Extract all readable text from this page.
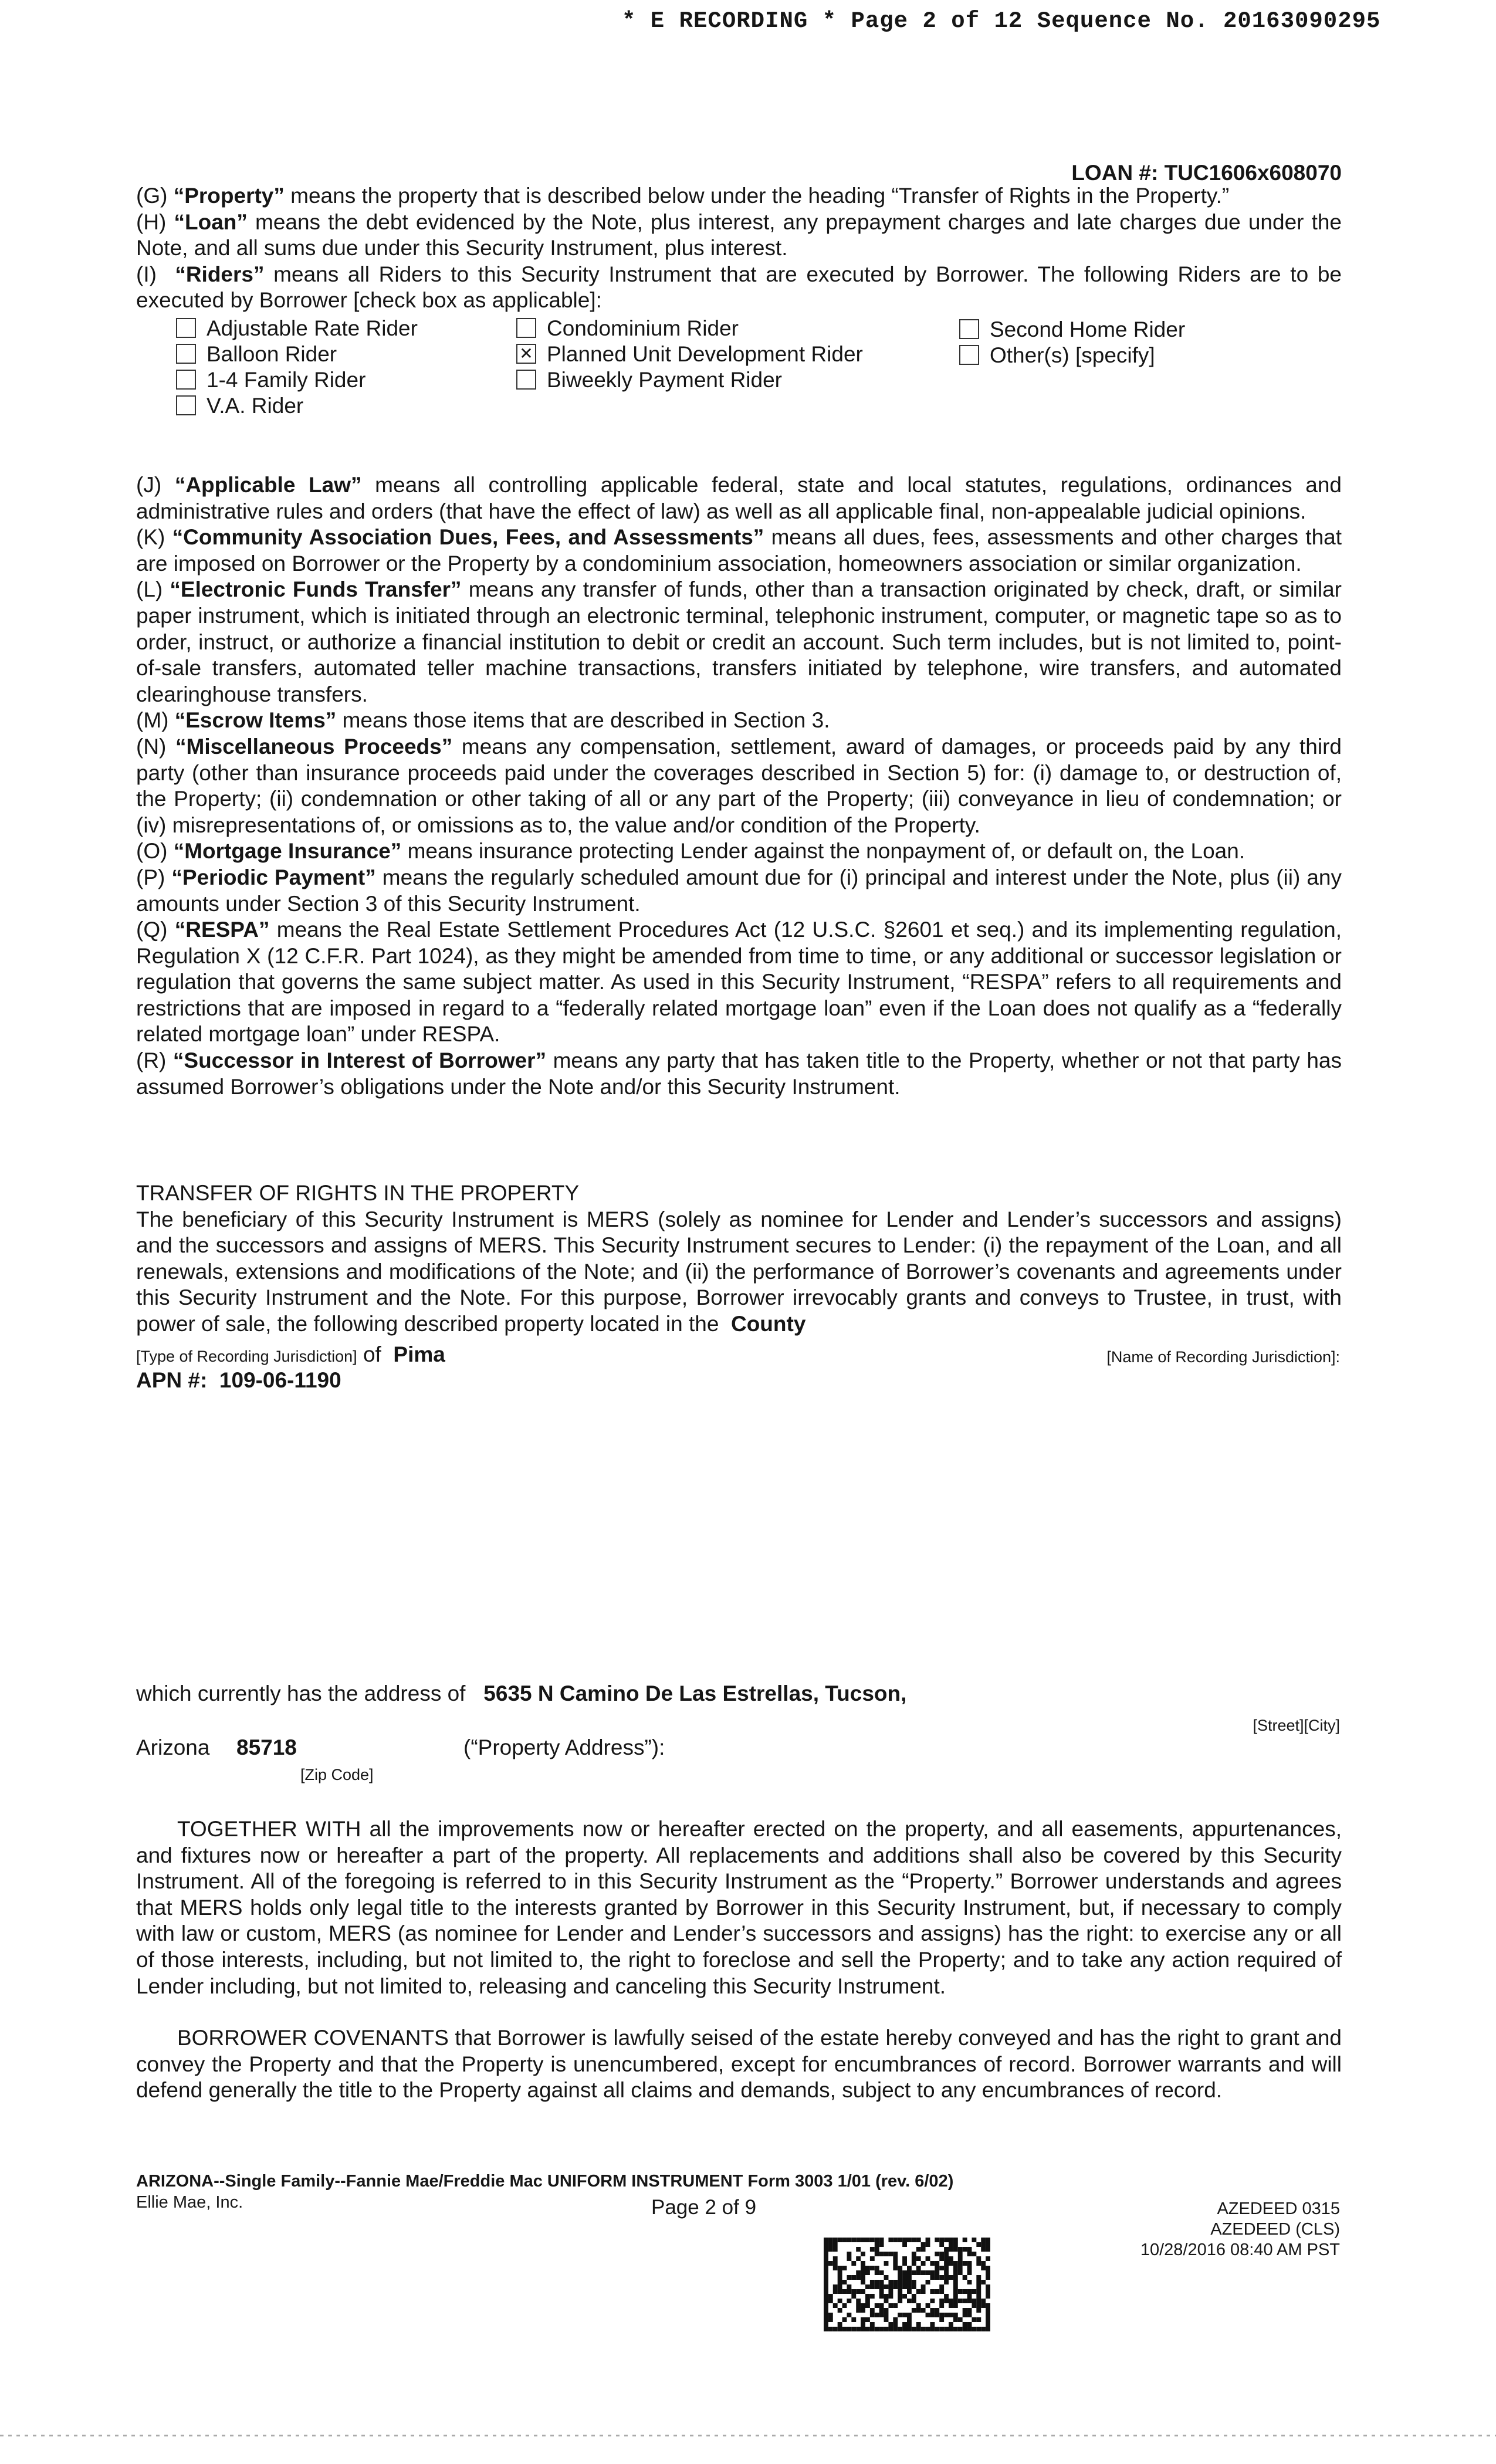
* E RECORDING * Page 2 of 12 Sequence No. 20163090295
LOAN #: TUC1606x608070

(G) “Property” means the property that is described below under the heading “Transfer of Rights in the Property.”

(H) “Loan” means the debt evidenced by the Note, plus interest, any prepayment charges and late charges due under the Note, and all sums due under this Security Instrument, plus interest.

(I) “Riders” means all Riders to this Security Instrument that are executed by Borrower. The following Riders are to be executed by Borrower [check box as applicable]:

Adjustable Rate Rider
Balloon Rider
1-4 Family Rider
V.A. Rider
Condominium Rider
✕ Planned Unit Development Rider
Biweekly Payment Rider
Second Home Rider
Other(s) [specify]

(J) “Applicable Law” means all controlling applicable federal, state and local statutes, regulations, ordinances and administrative rules and orders (that have the effect of law) as well as all applicable final, non-appealable judicial opinions.

(K) “Community Association Dues, Fees, and Assessments” means all dues, fees, assessments and other charges that are imposed on Borrower or the Property by a condominium association, homeowners association or similar organization.

(L) “Electronic Funds Transfer” means any transfer of funds, other than a transaction originated by check, draft, or similar paper instrument, which is initiated through an electronic terminal, telephonic instrument, computer, or magnetic tape so as to order, instruct, or authorize a financial institution to debit or credit an account. Such term includes, but is not limited to, point-of-sale transfers, automated teller machine transactions, transfers initiated by telephone, wire transfers, and automated clearinghouse transfers.

(M) “Escrow Items” means those items that are described in Section 3.

(N) “Miscellaneous Proceeds” means any compensation, settlement, award of damages, or proceeds paid by any third party (other than insurance proceeds paid under the coverages described in Section 5) for: (i) damage to, or destruction of, the Property; (ii) condemnation or other taking of all or any part of the Property; (iii) conveyance in lieu of condemnation; or (iv) misrepresentations of, or omissions as to, the value and/or condition of the Property.

(O) “Mortgage Insurance” means insurance protecting Lender against the nonpayment of, or default on, the Loan.

(P) “Periodic Payment” means the regularly scheduled amount due for (i) principal and interest under the Note, plus (ii) any amounts under Section 3 of this Security Instrument.

(Q) “RESPA” means the Real Estate Settlement Procedures Act (12 U.S.C. §2601 et seq.) and its implementing regulation, Regulation X (12 C.F.R. Part 1024), as they might be amended from time to time, or any additional or successor legislation or regulation that governs the same subject matter. As used in this Security Instrument, “RESPA” refers to all requirements and restrictions that are imposed in regard to a “federally related mortgage loan” even if the Loan does not qualify as a “federally related mortgage loan” under RESPA.

(R) “Successor in Interest of Borrower” means any party that has taken title to the Property, whether or not that party has assumed Borrower’s obligations under the Note and/or this Security Instrument.

TRANSFER OF RIGHTS IN THE PROPERTY

The beneficiary of this Security Instrument is MERS (solely as nominee for Lender and Lender’s successors and assigns) and the successors and assigns of MERS. This Security Instrument secures to Lender: (i) the repayment of the Loan, and all renewals, extensions and modifications of the Note; and (ii) the performance of Borrower’s covenants and agreements under this Security Instrument and the Note. For this purpose, Borrower irrevocably grants and conveys to Trustee, in trust, with power of sale, the following described property located in the County

[Type of Recording Jurisdiction] of Pima	[Name of Recording Jurisdiction]:
APN #: 109-06-1190
which currently has the address of 5635 N Camino De Las Estrellas, Tucson,
[Street][City]
Arizona 85718
[Zip Code]
(“Property Address”):

TOGETHER WITH all the improvements now or hereafter erected on the property, and all easements, appurtenances, and fixtures now or hereafter a part of the property. All replacements and additions shall also be covered by this Security Instrument. All of the foregoing is referred to in this Security Instrument as the “Property.” Borrower understands and agrees that MERS holds only legal title to the interests granted by Borrower in this Security Instrument, but, if necessary to comply with law or custom, MERS (as nominee for Lender and Lender’s successors and assigns) has the right: to exercise any or all of those interests, including, but not limited to, the right to foreclose and sell the Property; and to take any action required of Lender including, but not limited to, releasing and canceling this Security Instrument.

BORROWER COVENANTS that Borrower is lawfully seised of the estate hereby conveyed and has the right to grant and convey the Property and that the Property is unencumbered, except for encumbrances of record. Borrower warrants and will defend generally the title to the Property against all claims and demands, subject to any encumbrances of record.

ARIZONA--Single Family--Fannie Mae/Freddie Mac UNIFORM INSTRUMENT Form 3003 1/01 (rev. 6/02)
Ellie Mae, Inc.	Page 2 of 9	AZEDEED 0315
AZEDEED (CLS)
10/28/2016 08:40 AM PST
